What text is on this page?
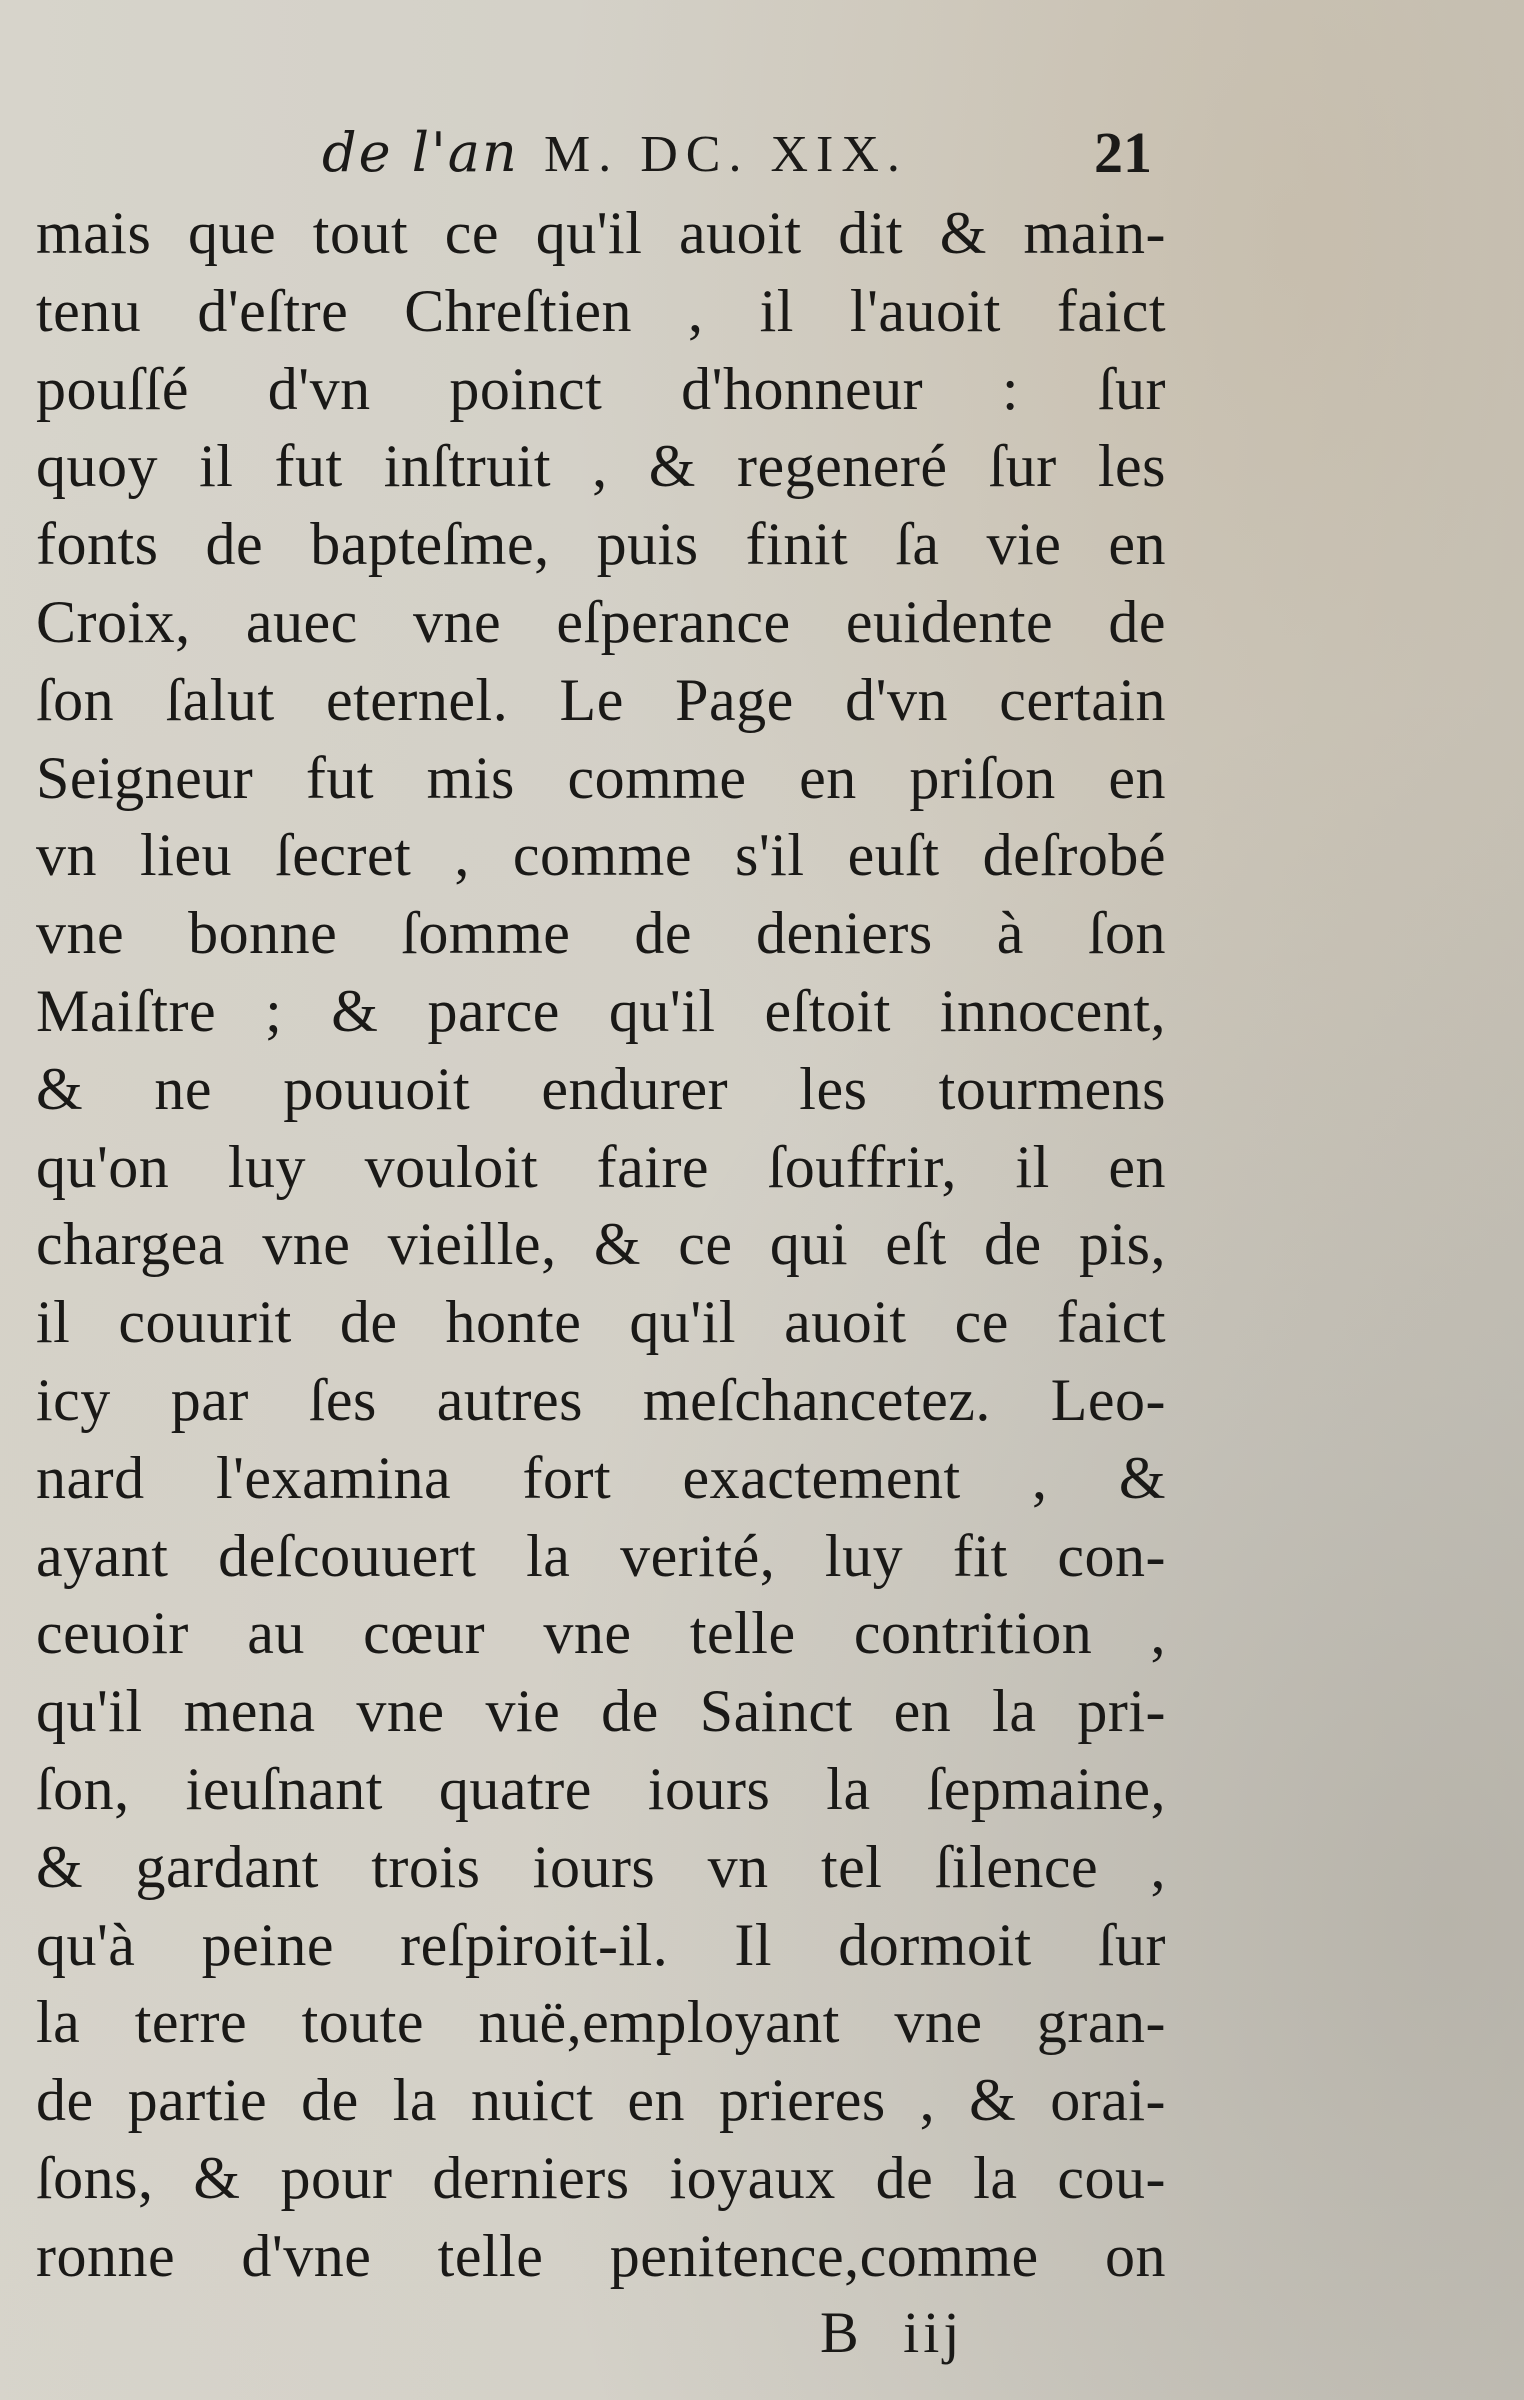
de l'an M. DC. XIX.	21
mais que tout ce qu'il auoit dit & main-
tenu d'eſtre Chreſtien , il l'auoit faict
pouſſé d'vn poinct d'honneur : ſur
quoy il fut inſtruit , & regeneré ſur les
fonts de bapteſme, puis finit ſa vie en
Croix, auec vne eſperance euidente de
ſon ſalut eternel. Le Page d'vn certain
Seigneur fut mis comme en priſon en
vn lieu ſecret , comme s'il euſt deſrobé
vne bonne ſomme de deniers à ſon
Maiſtre ; & parce qu'il eſtoit innocent,
& ne pouuoit endurer les tourmens
qu'on luy vouloit faire ſouffrir, il en
chargea vne vieille, & ce qui eſt de pis,
il couurit de honte qu'il auoit ce faict
icy par ſes autres meſchancetez. Leo-
nard l'examina fort exactement , &
ayant deſcouuert la verité, luy fit con-
ceuoir au cœur vne telle contrition ,
qu'il mena vne vie de Sainct en la pri-
ſon, ieuſnant quatre iours la ſepmaine,
& gardant trois iours vn tel ſilence ,
qu'à peine reſpiroit-il. Il dormoit ſur
la terre toute nuë,employant vne gran-
de partie de la nuict en prieres , & orai-
ſons, & pour derniers ioyaux de la cou-
ronne d'vne telle penitence,comme on
B iij
